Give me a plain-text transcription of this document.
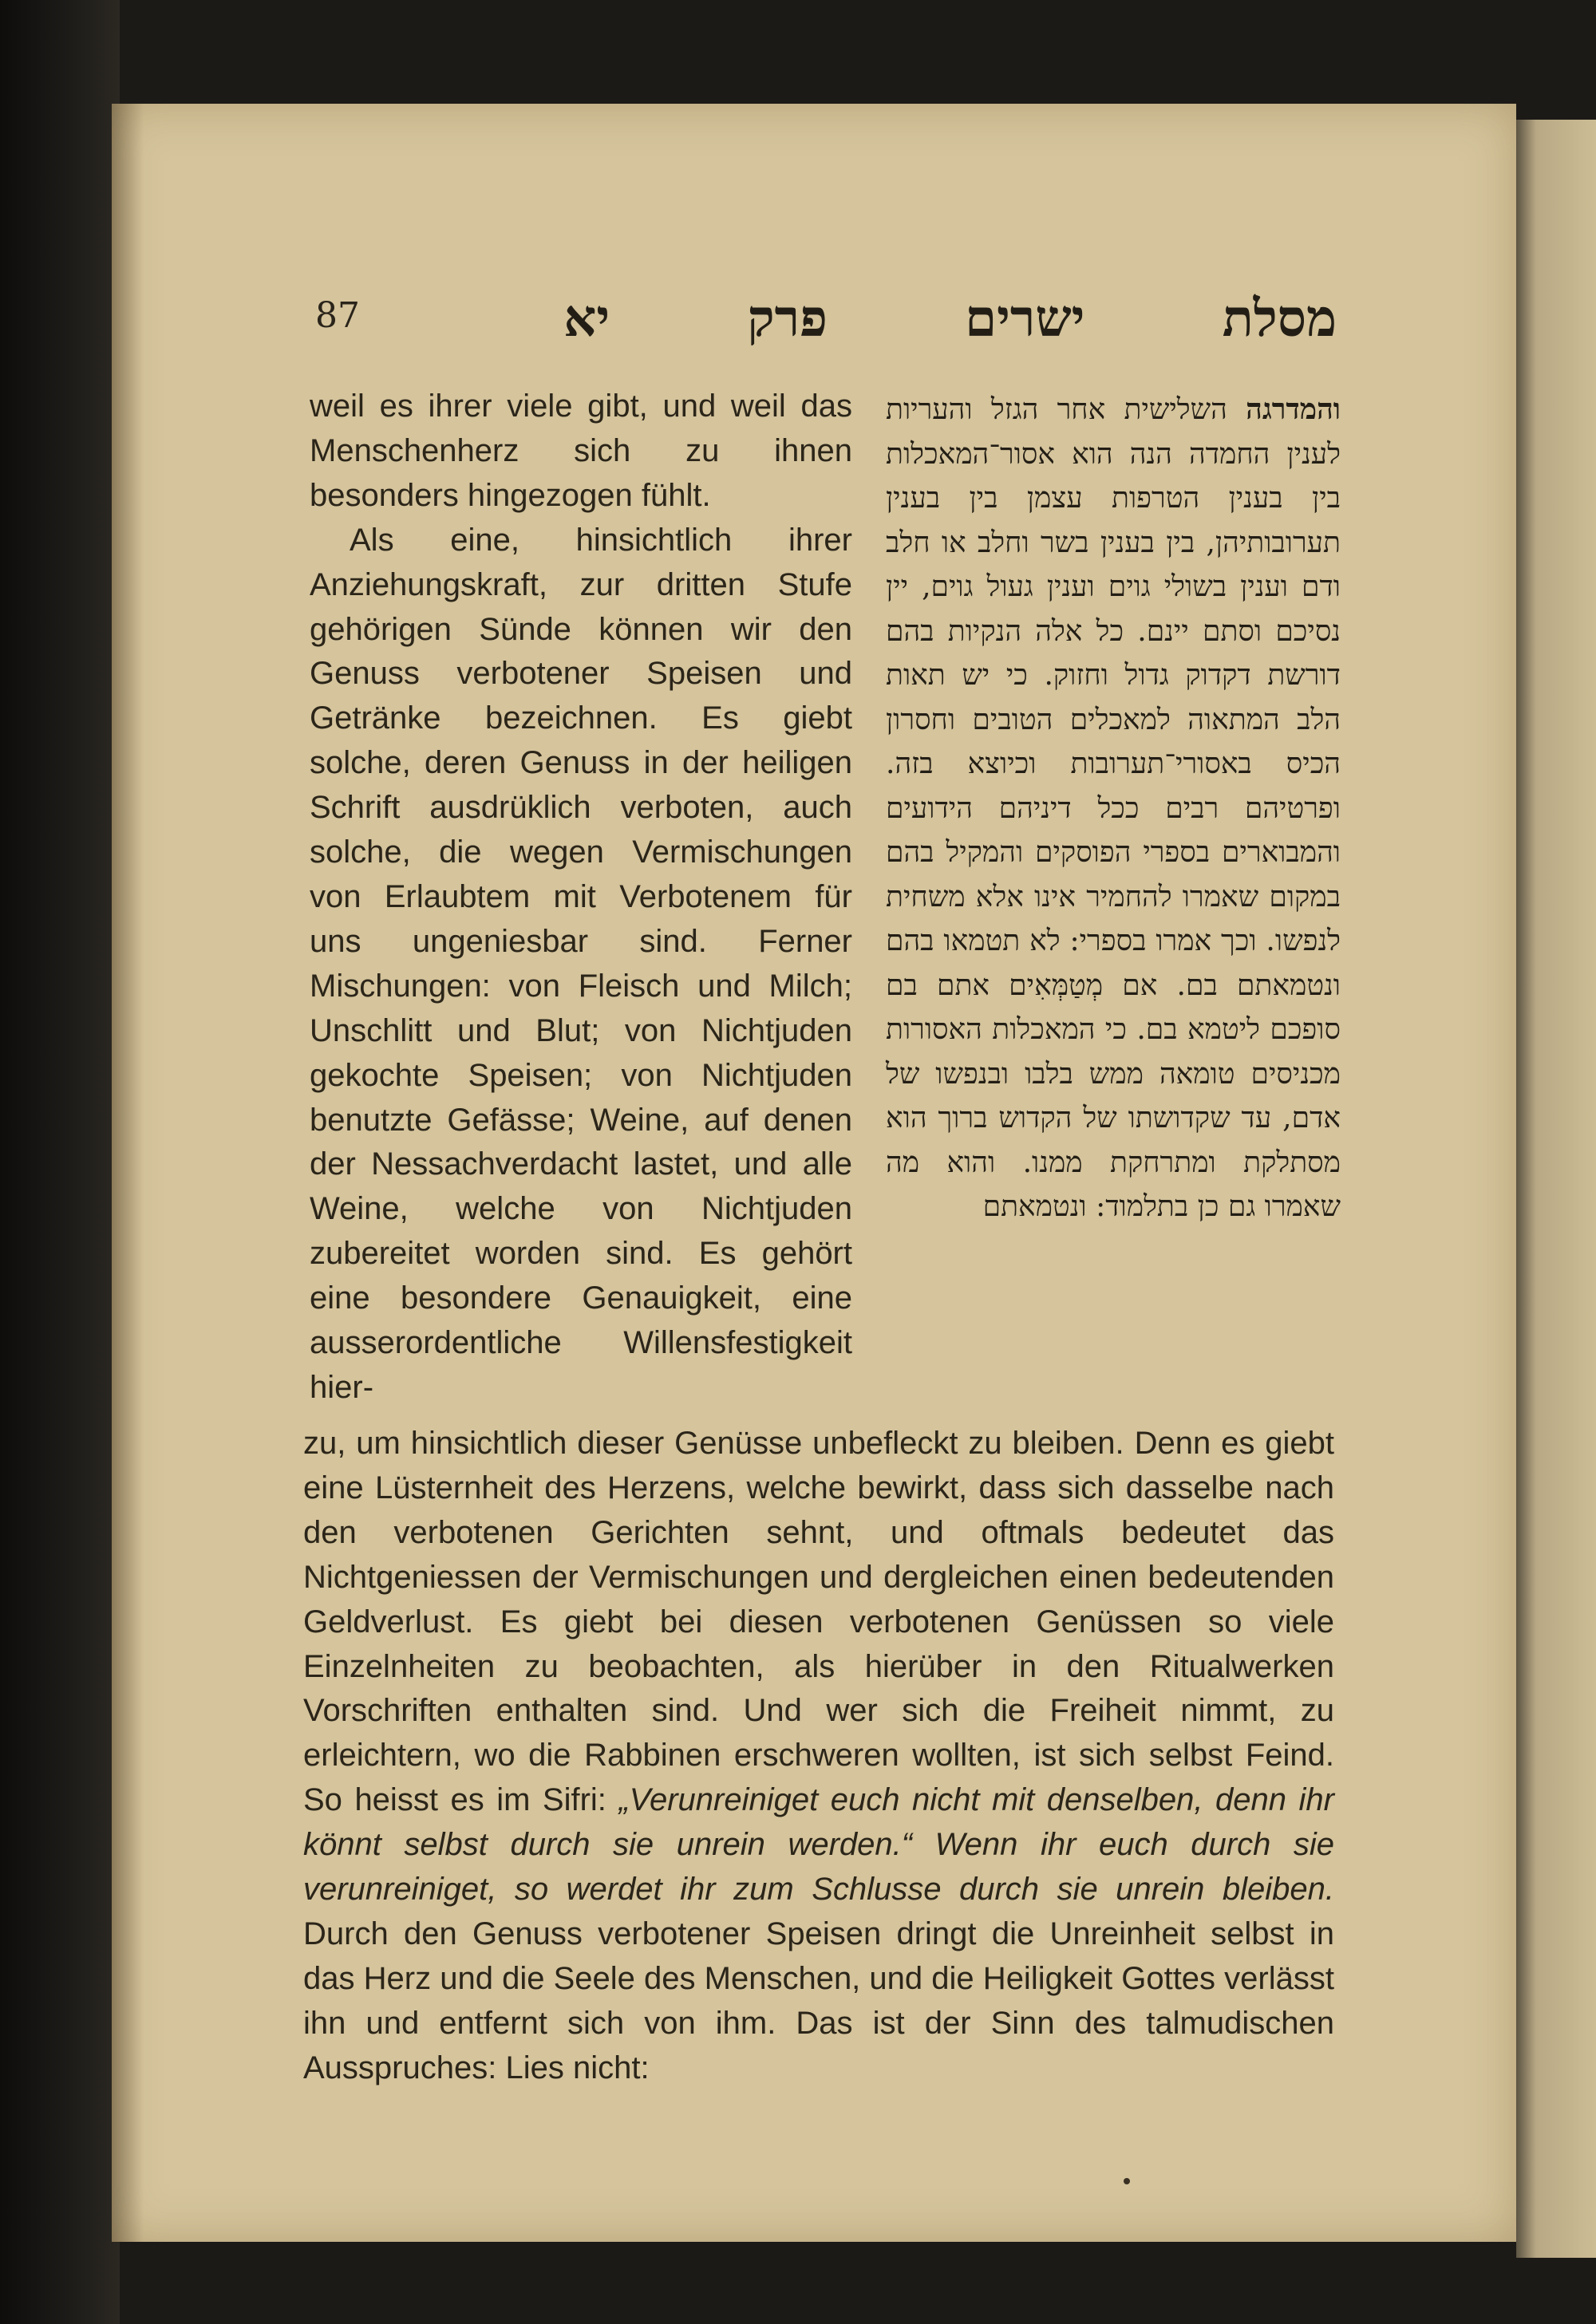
87	מסלת ישרים פרק יא

weil es ihrer viele gibt, und weil das Menschenherz sich zu ihnen besonders hingezogen fühlt.

Als eine, hinsichtlich ihrer Anziehungskraft, zur dritten Stufe gehörigen Sünde können wir den Genuss verbotener Speisen und Getränke bezeichnen. Es giebt solche, deren Genuss in der heiligen Schrift ausdrüklich verboten, auch solche, die wegen Vermischungen von Erlaubtem mit Verbotenem für uns ungeniesbar sind. Ferner Mischungen: von Fleisch und Milch; Unschlitt und Blut; von Nichtjuden gekochte Speisen; von Nichtjuden benutzte Gefässe; Weine, auf denen der Nessachverdacht lastet, und alle Weine, welche von Nichtjuden zubereitet worden sind. Es gehört eine besondere Genauigkeit, eine ausserordentliche Willensfestigkeit hier-

והמדרגה השלישית אחר הגזל והעריות לענין החמדה הנה הוא אסור־המאכלות בין בענין הטרפות עצמן בין בענין תערובותיהן, בין בענין בשר וחלב או חלב ודם וענין בשולי גוים וענין געול גוים, יין נסיכם וסתם יינם. כל אלה הנקיות בהם דורשת דקדוק גדול וחזוק. כי יש תאות הלב המתאוה למאכלים הטובים וחסרון הכיס באסורי־תערובות וכיוצא בזה. ופרטיהם רבים ככל דיניהם הידועים והמבוארים בספרי הפוסקים והמקיל בהם במקום שאמרו להחמיר אינו אלא משחית לנפשו. וכך אמרו בספרי: לא תטמאו בהם ונטמאתם בם. אם מְטַמְּאִים אתם בם סופכם ליטמא בם. כי המאכלות האסורות מכניסים טומאה ממש בלבו ובנפשו של אדם, עד שקדושתו של הקדוש ברוך הוא מסתלקת ומתרחקת ממנו. והוא מה שאמרו גם כן בתלמוד: ונטמאתם

zu, um hinsichtlich dieser Genüsse unbefleckt zu bleiben. Denn es giebt eine Lüsternheit des Herzens, welche bewirkt, dass sich dasselbe nach den verbotenen Gerichten sehnt, und oftmals bedeutet das Nichtgeniessen der Vermischungen und dergleichen einen bedeutenden Geldverlust. Es giebt bei diesen verbotenen Genüssen so viele Einzelnheiten zu beobachten, als hierüber in den Ritualwerken Vorschriften enthalten sind. Und wer sich die Freiheit nimmt, zu erleichtern, wo die Rabbinen erschweren wollten, ist sich selbst Feind. So heisst es im Sifri: „Verunreiniget euch nicht mit denselben, denn ihr könnt selbst durch sie unrein werden.“ Wenn ihr euch durch sie verunreiniget, so werdet ihr zum Schlusse durch sie unrein bleiben. Durch den Genuss verbotener Speisen dringt die Unreinheit selbst in das Herz und die Seele des Menschen, und die Heiligkeit Gottes verlässt ihn und entfernt sich von ihm. Das ist der Sinn des talmudischen Ausspruches: Lies nicht:
